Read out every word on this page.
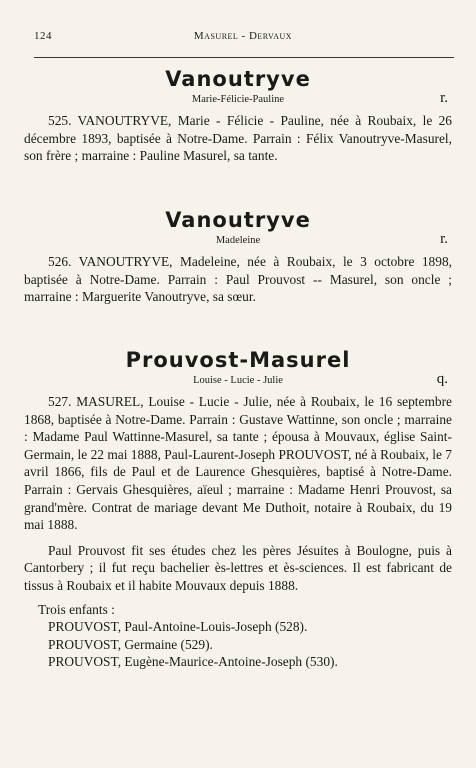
124	Masurel - Dervaux
Vanoutryve
Marie-Félicie-Pauline	r.

525. VANOUTRYVE, Marie - Félicie - Pauline, née à Roubaix, le 26 décembre 1893, baptisée à Notre-Dame. Parrain : Félix Vanoutryve-Masurel, son frère ; marraine : Pauline Masurel, sa tante.

Vanoutryve
Madeleine	r.

526. VANOUTRYVE, Madeleine, née à Roubaix, le 3 octobre 1898, baptisée à Notre-Dame. Parrain : Paul Prouvost -- Masurel, son oncle ; marraine : Marguerite Vanoutryve, sa sœur.

Prouvost-Masurel
Louise - Lucie - Julie	q.

527. MASUREL, Louise - Lucie - Julie, née à Roubaix, le 16 septembre 1868, baptisée à Notre-Dame. Parrain : Gustave Wattinne, son oncle ; marraine : Madame Paul Wattinne-Masurel, sa tante ; épousa à Mouvaux, église Saint-Germain, le 22 mai 1888, Paul-Laurent-Joseph PROUVOST, né à Roubaix, le 7 avril 1866, fils de Paul et de Laurence Ghesquières, baptisé à Notre-Dame. Parrain : Gervais Ghesquières, aïeul ; marraine : Madame Henri Prouvost, sa grand'mère. Contrat de mariage devant Me Duthoit, notaire à Roubaix, du 19 mai 1888.

Paul Prouvost fit ses études chez les pères Jésuites à Boulogne, puis à Cantorbery ; il fut reçu bachelier ès-lettres et ès-sciences. Il est fabricant de tissus à Roubaix et il habite Mouvaux depuis 1888.

Trois enfants :
PROUVOST, Paul-Antoine-Louis-Joseph (528).
PROUVOST, Germaine (529).
PROUVOST, Eugène-Maurice-Antoine-Joseph (530).
